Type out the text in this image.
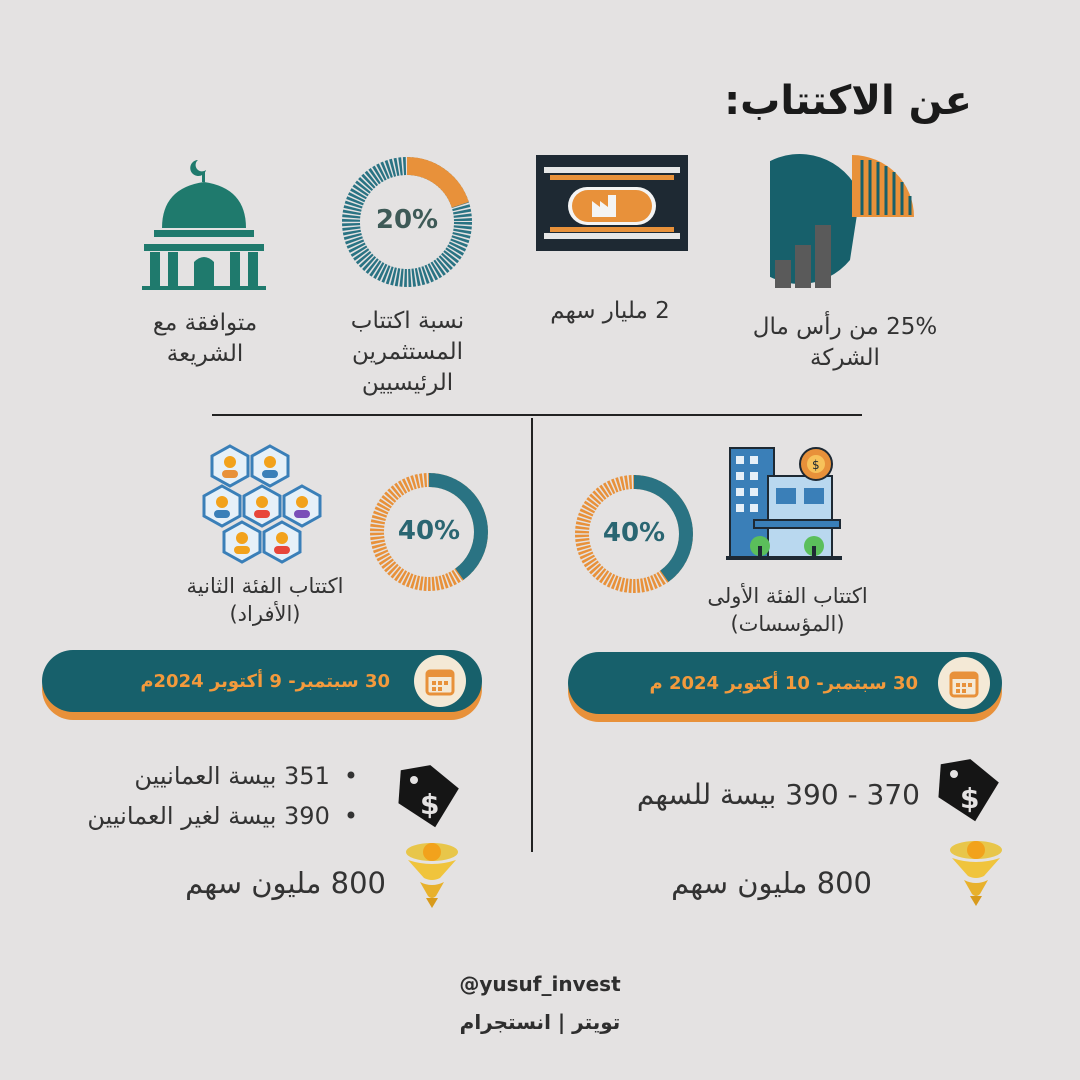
عن الاكتتاب:
25% من رأس مال الشركة
2 مليار سهم
20%
نسبة اكتتاب المستثمرين الرئيسيين
متوافقة مع الشريعة
$
40%
اكتتاب الفئة الأولى (المؤسسات)
30 سبتمبر- 10 أكتوبر 2024 م
$
370 - 390 بيسة للسهم
800 مليون سهم
40%
اكتتاب الفئة الثانية (الأفراد)
30 سبتمبر- 9 أكتوبر 2024م
$
•351 بيسة العمانيين
•390 بيسة لغير العمانيين
800 مليون سهم
@yusuf_invest
تويتر | انستجرام
